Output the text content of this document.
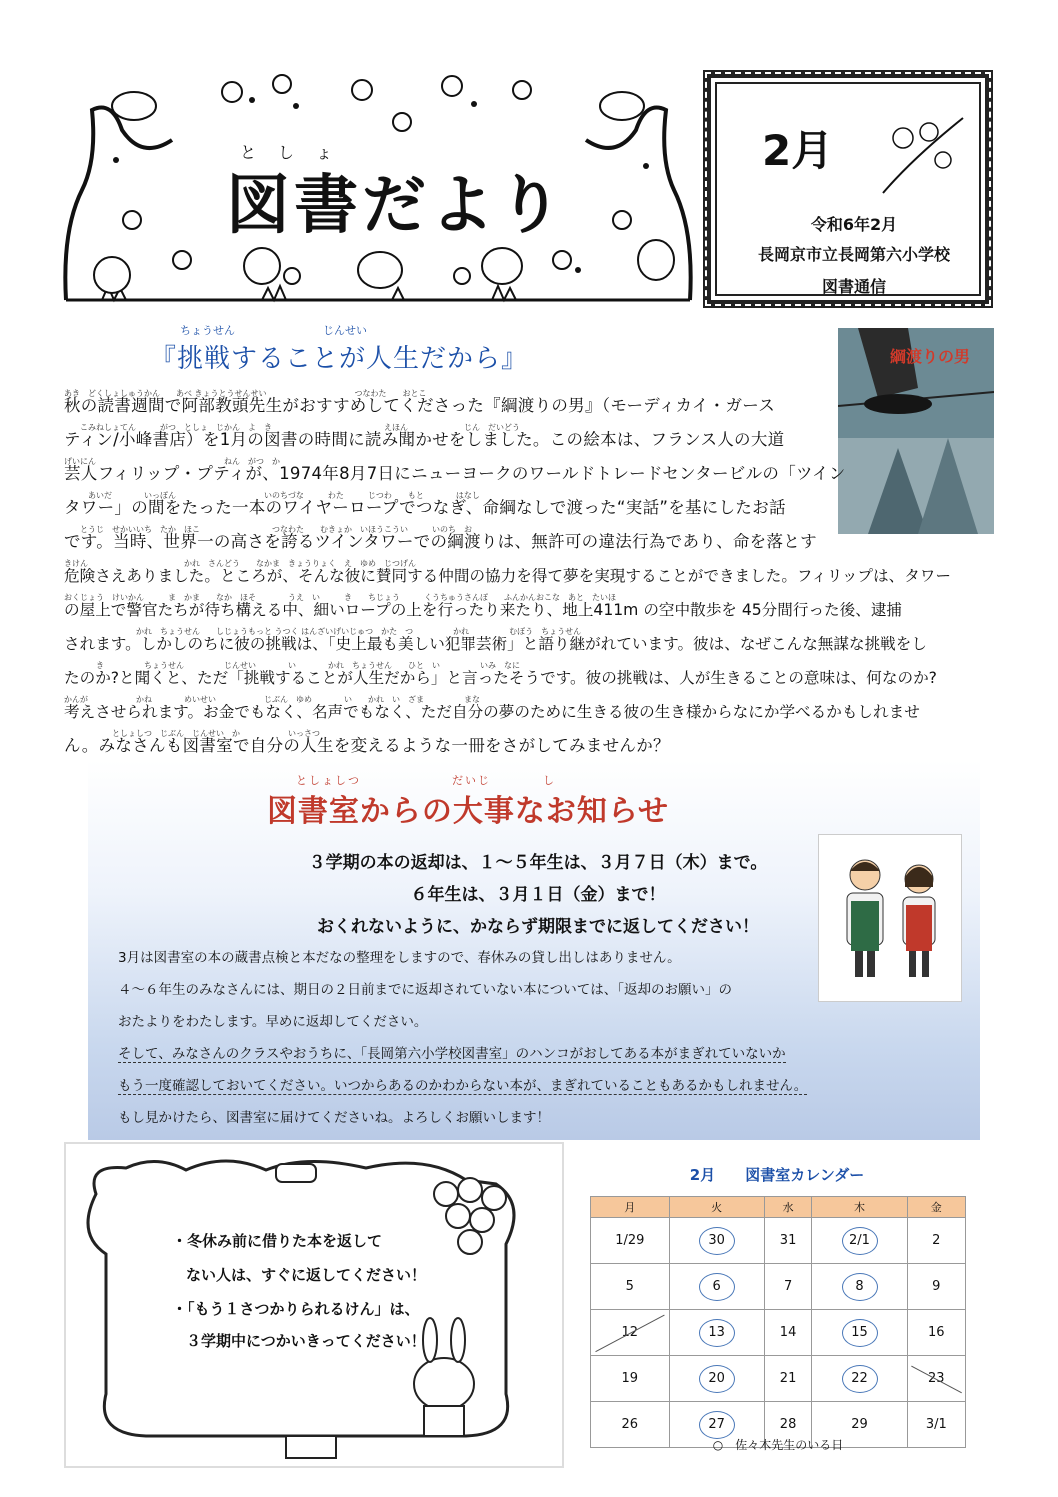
としょ
図書だより
2月
令和6年2月
長岡京市立長岡第六小学校
図書通信
ちょうせん　　　　　　　　じんせい
『挑戦することが人生だから』	綱渡りの男
あき　どくしょしゅうかん　　あべ きょうとうせんせい　　　　　　　　　　　つなわた　　おとこ
秋の読書週間で阿部教頭先生がおすすめしてくださった『綱渡りの男』（モーディカイ・ガース
　　こみねしょてん　　　がつ　としょ　じかん　よ　き　　　　　　　　　　　　　　えほん　　　　　　　じん　だいどう
ティン/小峰書店）を1月の図書の時間に読み聞かせをしました。この絵本は、フランス人の大道
げいにん　　　　　　　　　　　　　　　　ねん　がつ　か
芸人フィリップ・プティが、1974年8月7日にニューヨークのワールドトレードセンタービルの「ツイン
　　　あいだ　　　　いっぽん　　　　　　　　　　　いのちづな　　　わた　　　じつわ　　もと　　　　はなし
タワー」の間をたった一本のワイヤーロープでつなぎ、命綱なしで渡った“実話”を基にしたお話
　　とうじ　せかいいち　たか　ほこ　　　　　　　　　つなわた　　むきょか　いほうこうい　　　いのち　お
です。当時、世界一の高さを誇るツインタワーでの綱渡りは、無許可の違法行為であり、命を落とす
きけん　　　　　　　　　　　　かれ　さんどう　　なかま　きょうりょく　え　ゆめ　じつげん
危険さえありました。ところが、そんな彼に賛同する仲間の協力を得て夢を実現することができました。フィリップは、タワー
おくじょう　けいかん　　　ま　かま　　なか　ほそ　　　　うえ　い　　　き　　ちじょう　　　くうちゅうさんぽ　　ふんかんおこな　あと　たいほ
の屋上で警官たちが待ち構える中、細いロープの上を行ったり来たり、地上411m の空中散歩を 45分間行った後、逮捕
　　　　　　　　　かれ　ちょうせん　　しじょうもっと うつく はんざいげいじゅつ　かた　つ　　　　　かれ　　　　　むぼう　ちょうせん
されます。しかしのちに彼の挑戦は、「史上最も美しい犯罪芸術」と語り継がれています。彼は、なぜこんな無謀な挑戦をし
　　　　き　　　　　ちょうせん　　　　　じんせい　　　　い　　　　かれ　ちょうせん　　ひと　い　　　　　いみ　なに
たのか?と聞くと、ただ「挑戦することが人生だから」と言ったそうです。彼の挑戦は、人が生きることの意味は、何なのか?
かんが　　　　　　かね　　　　めいせい　　　　　　じぶん　ゆめ　　　　い　　かれ　い　ざま　　　　　まな
考えさせられます。お金でもなく、名声でもなく、ただ自分の夢のために生きる彼の生き様からなにか学べるかもしれませ
　　　　　　としょしつ　じぶん　じんせい　か　　　　　　いっさつ
ん。みなさんも図書室で自分の人生を変えるような一冊をさがしてみませんか？
としょしつ　　　　　　　だいじ　　　　し
図書室からの大事なお知らせ
３学期の本の返却は、１～５年生は、３月７日（木）まで。
６年生は、３月１日（金）まで！
おくれないように、かならず期限までに返してください！
3月は図書室の本の蔵書点検と本だなの整理をしますので、春休みの貸し出しはありません。
４～６年生のみなさんには、期日の２日前までに返却されていない本については、「返却のお願い」の
おたよりをわたします。早めに返却してください。
そして、みなさんのクラスやおうちに、「長岡第六小学校図書室」のハンコがおしてある本がまぎれていないか
もう一度確認しておいてください。いつからあるのかわからない本が、まぎれていることもあるかもしれません。
もし見かけたら、図書室に届けてくださいね。よろしくお願いします！
・冬休み前に借りた本を返して
ない人は、すぐに返してください！
・「もう１さつかりられるけん」は、
３学期中につかいきってください！
2月　　図書室カレンダー
月	火	水	木	金
1/29	30	31	2/1	2
5	6	7	8	9
12	13	14	15	16
19	20	21	22	23
26	27	28	29	3/1
○　佐々木先生のいる日
